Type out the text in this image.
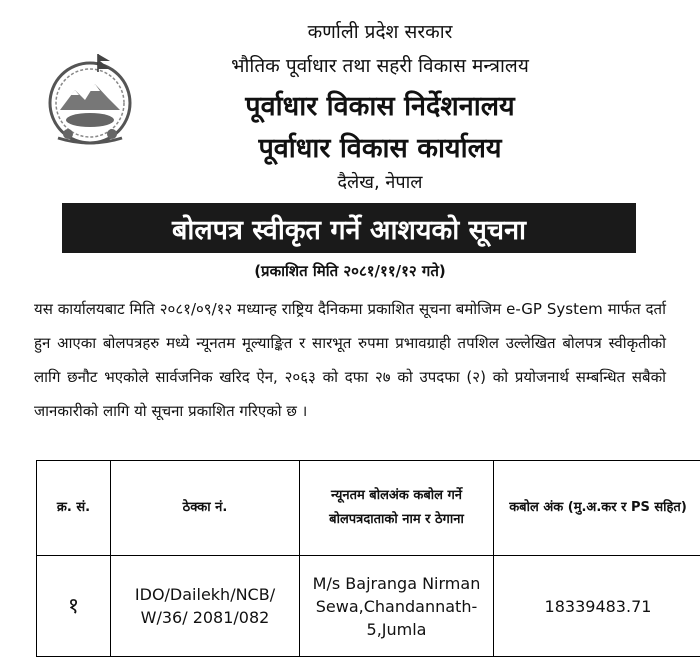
कर्णाली प्रदेश सरकार
भौतिक पूर्वाधार तथा सहरी विकास मन्त्रालय
पूर्वाधार विकास निर्देशनालय
पूर्वाधार विकास कार्यालय
दैलेख, नेपाल
बोलपत्र स्वीकृत गर्ने आशयको सूचना
(प्रकाशित मिति २०८१/११/१२ गते)

यस कार्यालयबाट मिति २०८१/०९/१२ मध्यान्ह राष्ट्रिय दैनिकमा प्रकाशित सूचना बमोजिम e-GP System मार्फत दर्ता हुन आएका बोलपत्रहरु मध्ये न्यूनतम मूल्याङ्कित र सारभूत रुपमा प्रभावग्राही तपशिल उल्लेखित बोलपत्र स्वीकृतीको लागि छनौट भएकोले सार्वजनिक खरिद ऐन, २०६३ को दफा २७ को उपदफा (२) को प्रयोजनार्थ सम्बन्धित सबैको जानकारीको लागि यो सूचना प्रकाशित गरिएको छ ।

क्र. सं.	ठेक्का नं.	न्यूनतम बोलअंक कबोल गर्ने बोलपत्रदाताको नाम र ठेगाना	कबोल अंक (मु.अ.कर र PS सहित)
१	IDO/Dailekh/NCB/ W/36/ 2081/082	M/s Bajranga Nirman Sewa,Chandannath-5,Jumla	18339483.71
